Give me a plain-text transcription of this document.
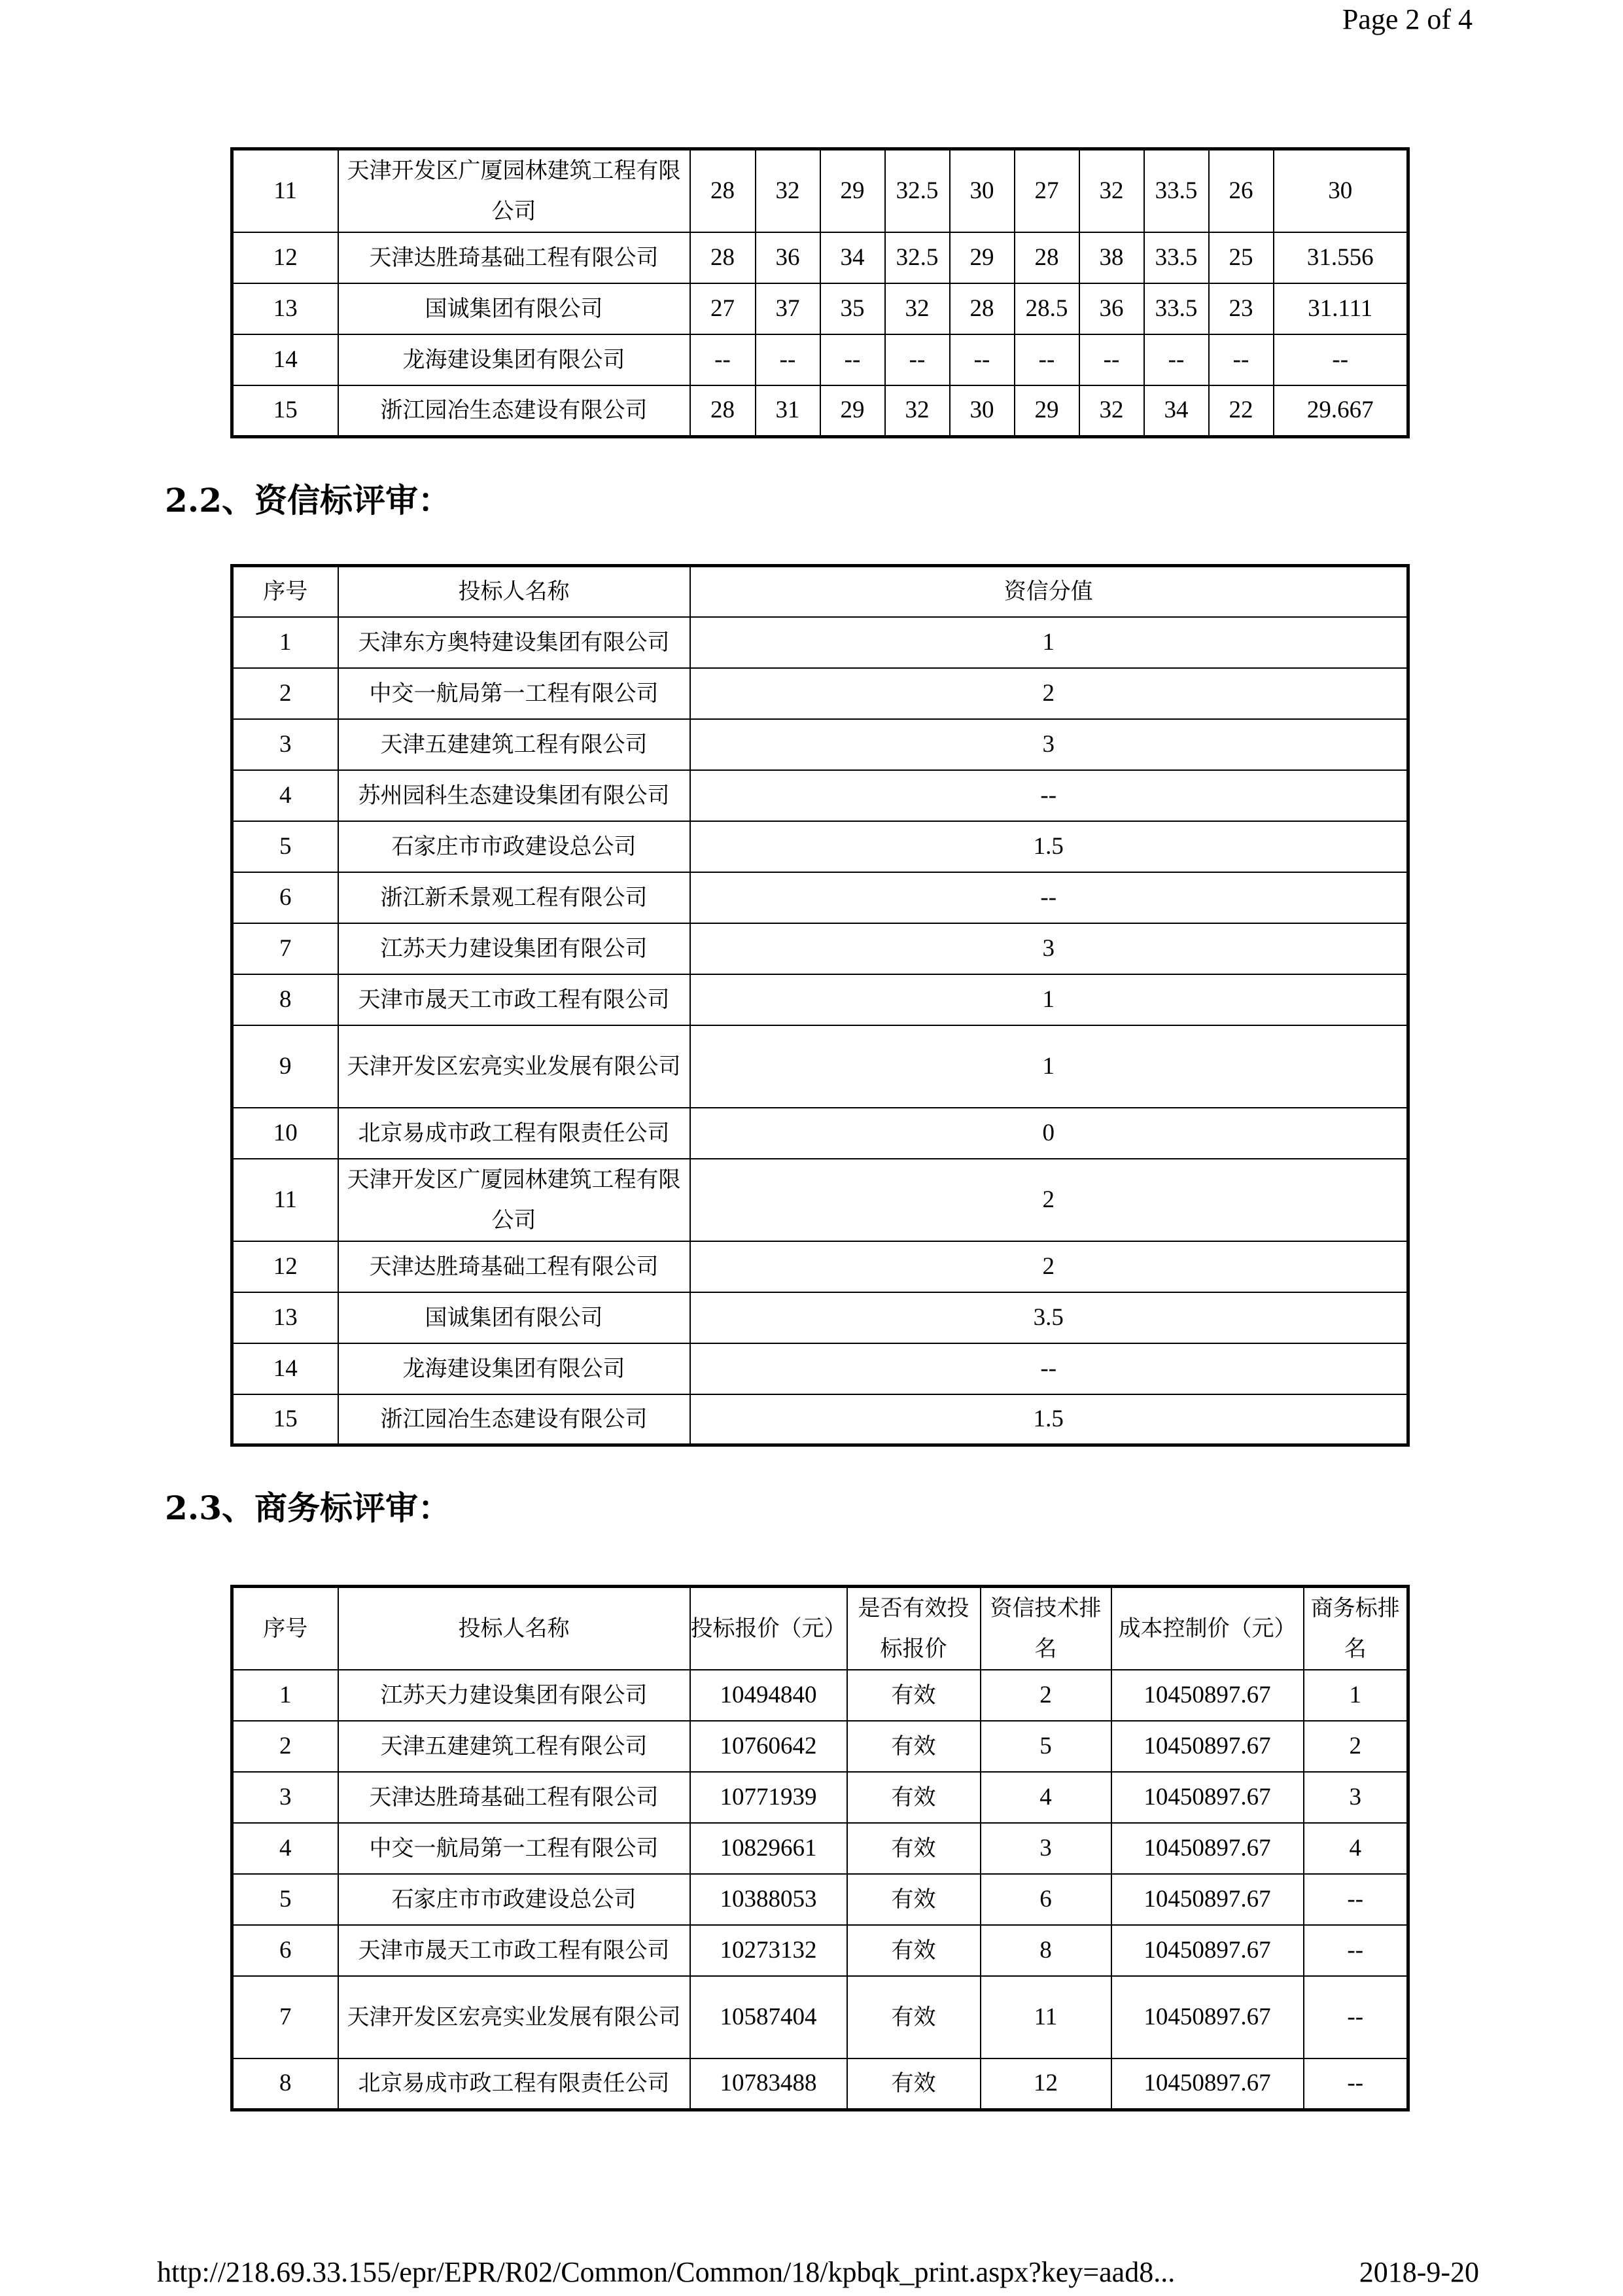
Page 2 of 4
11	天津开发区广厦园林建筑工程有限公司	28	32	29	32.5	30	27	32	33.5	26	30
12	天津达胜琦基础工程有限公司	28	36	34	32.5	29	28	38	33.5	25	31.556
13	国诚集团有限公司	27	37	35	32	28	28.5	36	33.5	23	31.111
14	龙海建设集团有限公司	--	--	--	--	--	--	--	--	--	--
15	浙江园冶生态建设有限公司	28	31	29	32	30	29	32	34	22	29.667
2.2、资信标评审：
序号	投标人名称	资信分值
1	天津东方奥特建设集团有限公司	1
2	中交一航局第一工程有限公司	2
3	天津五建建筑工程有限公司	3
4	苏州园科生态建设集团有限公司	--
5	石家庄市市政建设总公司	1.5
6	浙江新禾景观工程有限公司	--
7	江苏天力建设集团有限公司	3
8	天津市晟天工市政工程有限公司	1
9	天津开发区宏亮实业发展有限公司	1
10	北京易成市政工程有限责任公司	0
11	天津开发区广厦园林建筑工程有限公司	2
12	天津达胜琦基础工程有限公司	2
13	国诚集团有限公司	3.5
14	龙海建设集团有限公司	--
15	浙江园冶生态建设有限公司	1.5
2.3、商务标评审：
序号	投标人名称	投标报价（元）	是否有效投标报价	资信技术排名	成本控制价（元）	商务标排名
1	江苏天力建设集团有限公司	10494840	有效	2	10450897.67	1
2	天津五建建筑工程有限公司	10760642	有效	5	10450897.67	2
3	天津达胜琦基础工程有限公司	10771939	有效	4	10450897.67	3
4	中交一航局第一工程有限公司	10829661	有效	3	10450897.67	4
5	石家庄市市政建设总公司	10388053	有效	6	10450897.67	--
6	天津市晟天工市政工程有限公司	10273132	有效	8	10450897.67	--
7	天津开发区宏亮实业发展有限公司	10587404	有效	11	10450897.67	--
8	北京易成市政工程有限责任公司	10783488	有效	12	10450897.67	--
http://218.69.33.155/epr/EPR/R02/Common/Common/18/kpbqk_print.aspx?key=aad8...	2018-9-20
